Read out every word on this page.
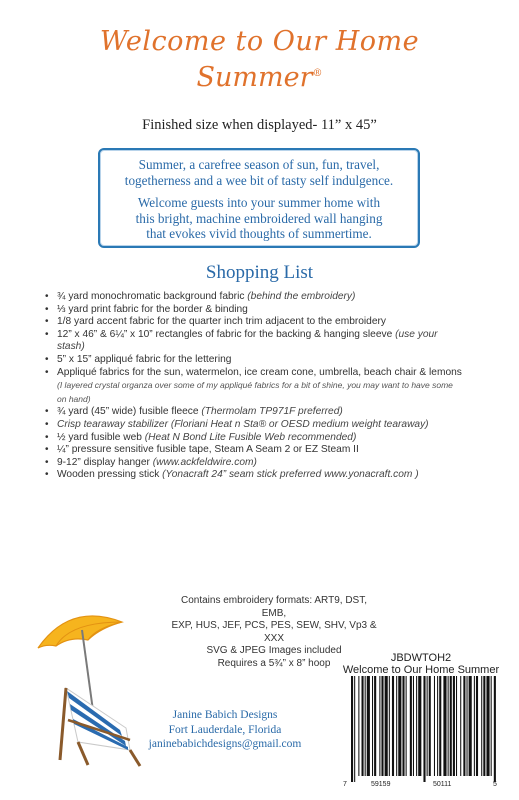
Welcome to Our Home
Summer®
Finished size when displayed- 11” x 45”
Summer, a carefree season of sun, fun, travel,
togetherness and a wee bit of tasty self indulgence.
Welcome guests into your summer home with
this bright, machine embroidered wall hanging
that evokes vivid thoughts of summertime.
Shopping List
• ¾ yard monochromatic background fabric (behind the embroidery)
• ⅓ yard print fabric for the border & binding
• 1/8 yard accent fabric for the quarter inch trim adjacent to the embroidery
• 12” x 46” & 6¼” x 10” rectangles of fabric for the backing & hanging sleeve (use your stash)
• 5” x 15” appliqué fabric for the lettering
• Appliqué fabrics for the sun, watermelon, ice cream cone, umbrella, beach chair & lemons (I layered crystal organza over some of my appliqué fabrics for a bit of shine, you may want to have some on hand)
• ¾ yard (45” wide) fusible fleece (Thermolam TP971F preferred)
• Crisp tearaway stabilizer (Floriani Heat n Sta® or OESD medium weight tearaway)
• ½ yard fusible web (Heat N Bond Lite Fusible Web recommended)
• ¼” pressure sensitive fusible tape, Steam A Seam 2 or EZ Steam II
• 9-12” display hanger (www.ackfeldwire.com)
• Wooden pressing stick (Yonacraft 24” seam stick preferred www.yonacraft.com )
Contains embroidery formats: ART9, DST, EMB,
EXP, HUS, JEF, PCS, PES, SEW, SHV, Vp3 & XXX
SVG & JPEG Images included
Requires a 5¾” x 8” hoop	JBDWTOH2
Welcome to Our Home Summer
7	59159	50111	5
Janine Babich Designs
Fort Lauderdale, Florida
janinebabichdesigns@gmail.com
